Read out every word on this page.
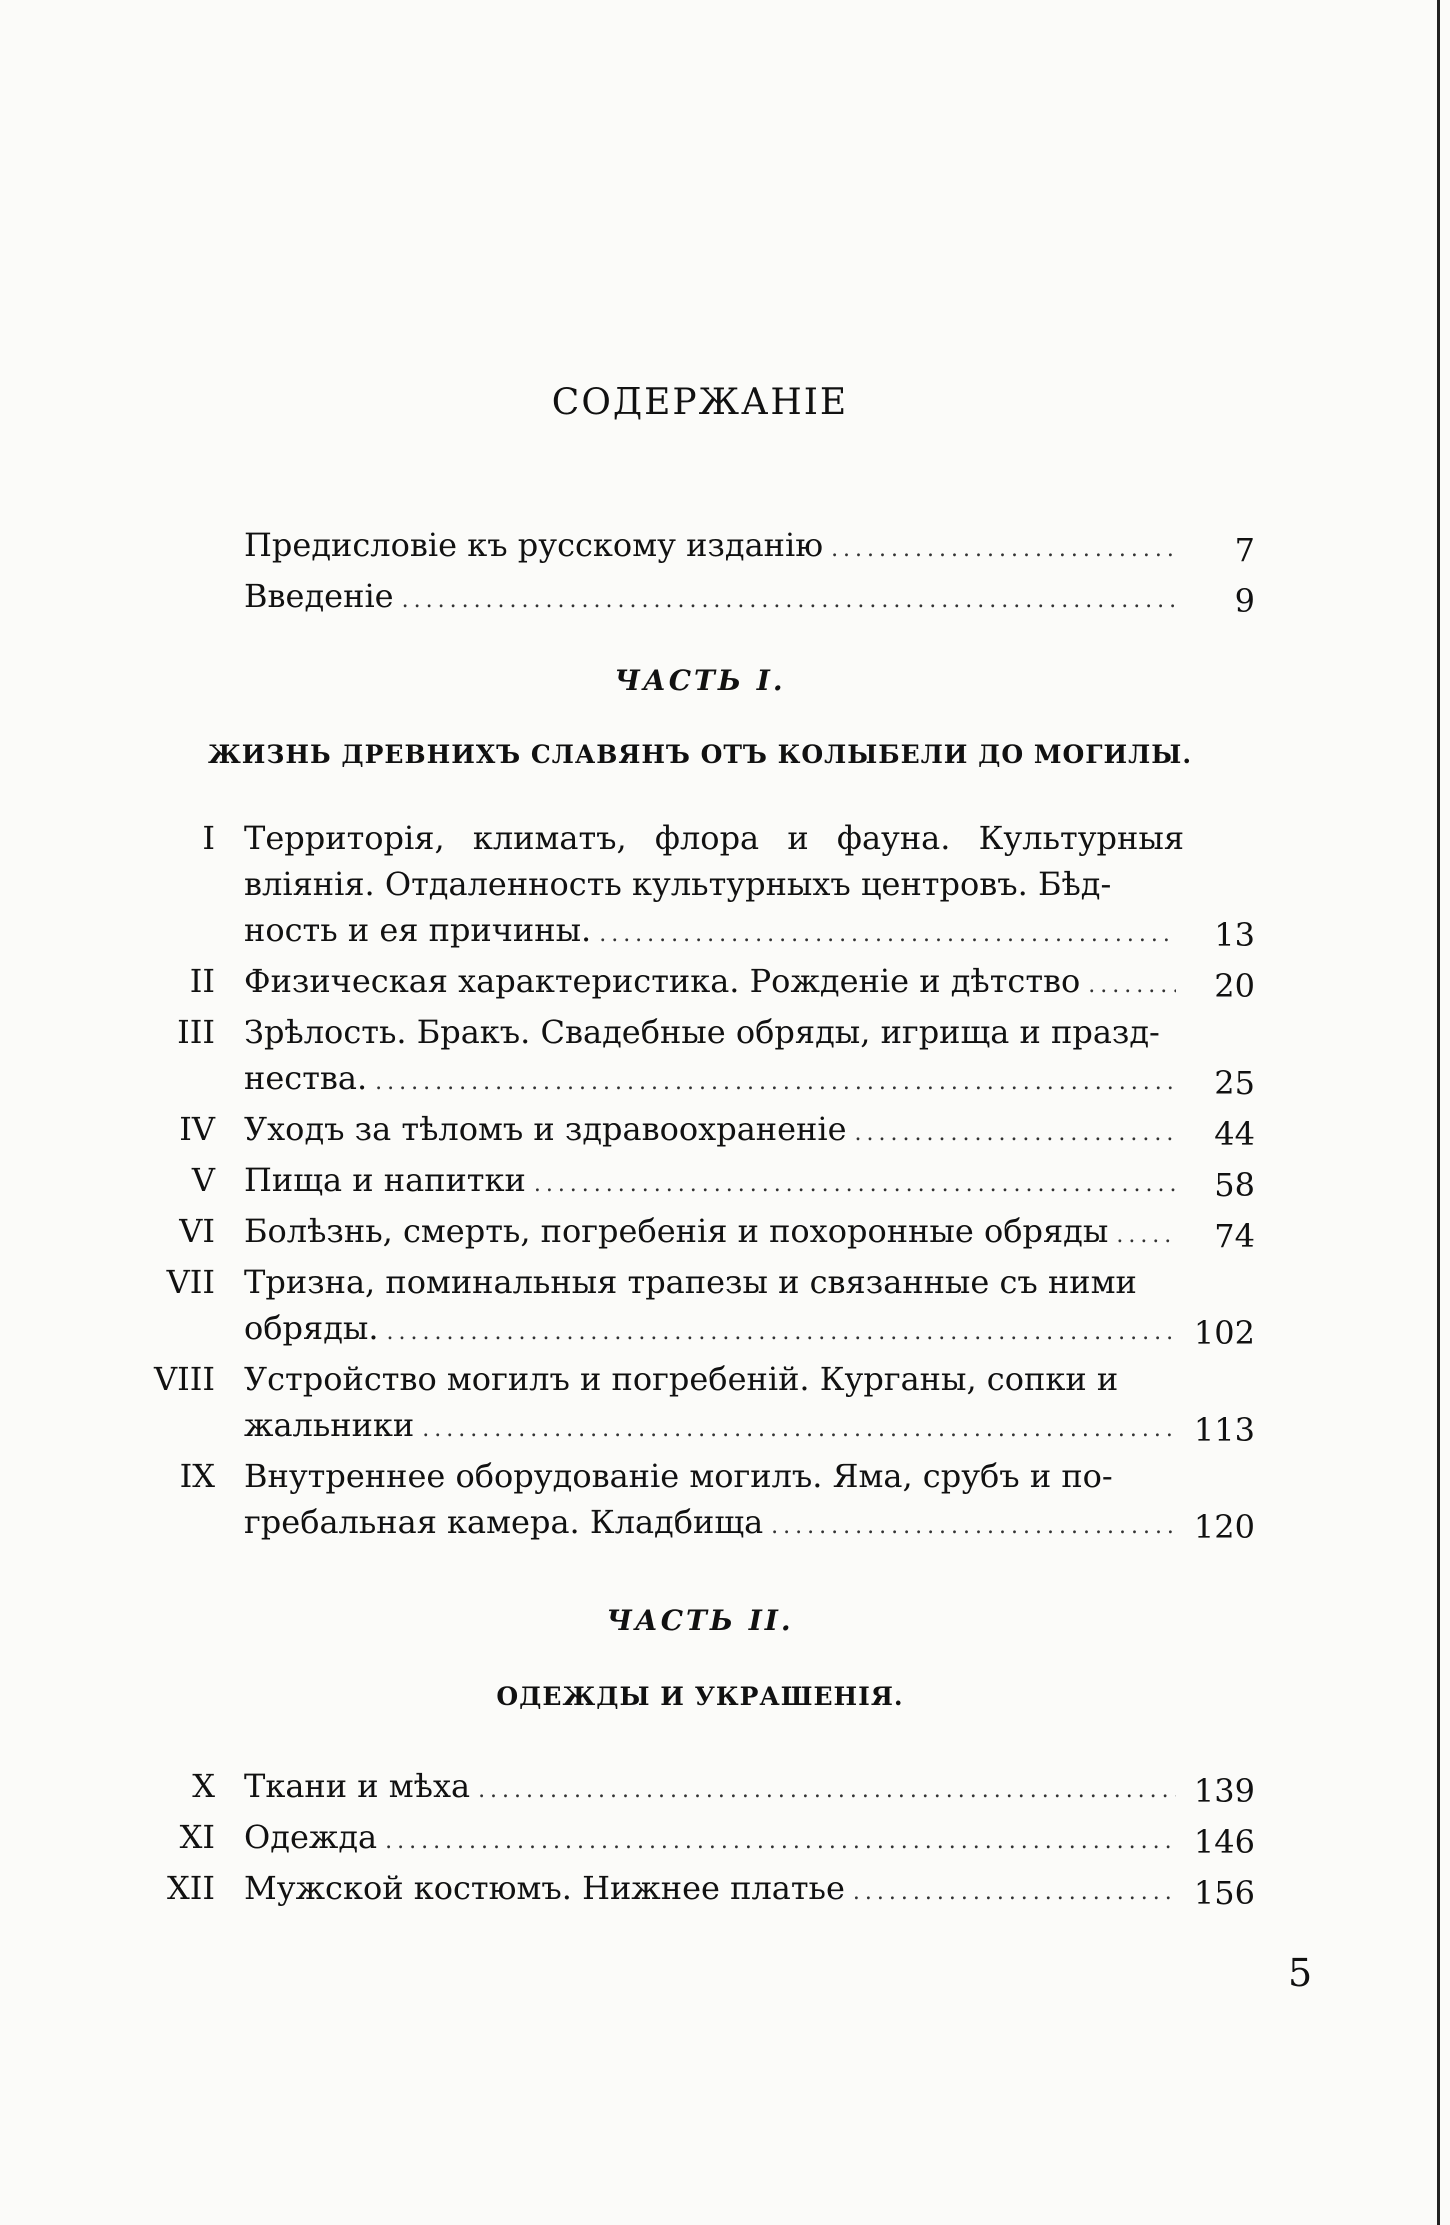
СОДЕРЖАНІЕ
Предисловіе къ русскому изданію .....	7
Введеніе .....	9
ЧАСТЬ I.
ЖИЗНЬ ДРЕВНИХЪ СЛАВЯНЪ ОТЪ КОЛЫБЕЛИ ДО МОГИЛЫ.
I Территорія, климатъ, флора и фауна. Культурныя вліянія. Отдаленность культурныхъ центровъ. Бѣд-
ность и ея причины. .....	13
II Физическая характеристика. Рожденіе и дѣтство .....	20
III Зрѣлость. Бракъ. Свадебные обряды, игрища и празд-
нества. .....	25
IV Уходъ за тѣломъ и здравоохраненіе .....	44
V Пища и напитки .....	58
VI Болѣзнь, смерть, погребенія и похоронные обряды .....	74
VII Тризна, поминальныя трапезы и связанные съ ними
обряды. .....	102
VIII Устройство могилъ и погребеній. Курганы, сопки и
жальники .....	113
IX Внутреннее оборудованіе могилъ. Яма, срубъ и по-
гребальная камера. Кладбища .....	120
ЧАСТЬ II.
ОДЕЖДЫ И УКРАШЕНІЯ.
X Ткани и мѣха .....	139
XI Одежда .....	146
XII Мужской костюмъ. Нижнее платье .....	156
5
